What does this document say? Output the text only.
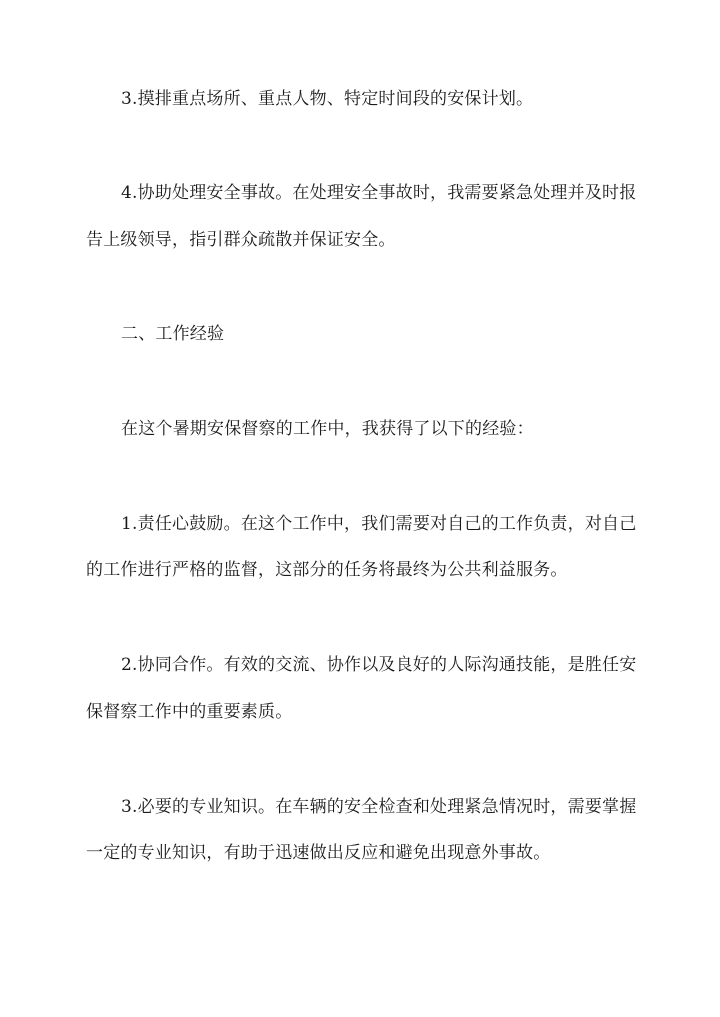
3.摸排重点场所、重点人物、特定时间段的安保计划。
4.协助处理安全事故。在处理安全事故时，我需要紧急处理并及时报
告上级领导，指引群众疏散并保证安全。
二、工作经验
在这个暑期安保督察的工作中，我获得了以下的经验：
1.责任心鼓励。在这个工作中，我们需要对自己的工作负责，对自己
的工作进行严格的监督，这部分的任务将最终为公共利益服务。
2.协同合作。有效的交流、协作以及良好的人际沟通技能，是胜任安
保督察工作中的重要素质。
3.必要的专业知识。在车辆的安全检查和处理紧急情况时，需要掌握
一定的专业知识，有助于迅速做出反应和避免出现意外事故。
